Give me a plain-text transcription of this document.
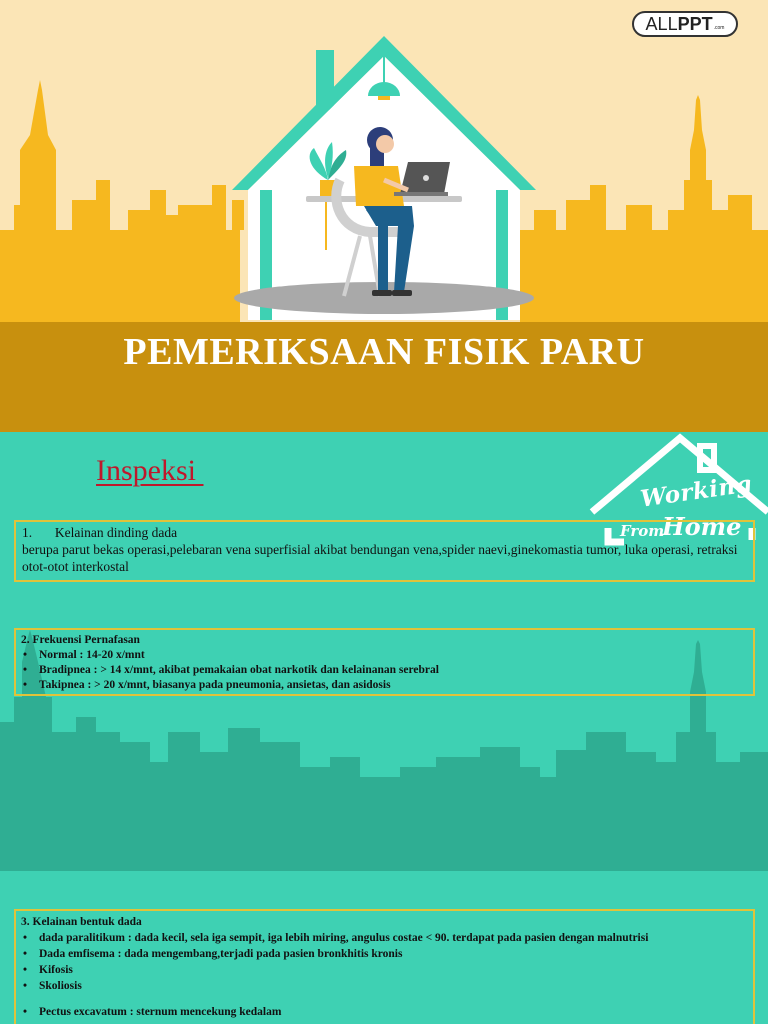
ALL PPT .com
PEMERIKSAAN FISIK PARU
Working
From
Home
Inspeksi
1. Kelainan dinding dada
berupa parut bekas operasi,pelebaran vena superfisial akibat bendungan vena,spider naevi,ginekomastia tumor, luka operasi, retraksi otot-otot interkostal
2. Frekuensi Pernafasan
• Normal : 14-20 x/mnt
• Bradipnea : > 14 x/mnt, akibat pemakaian obat narkotik dan kelainanan serebral
• Takipnea : > 20 x/mnt, biasanya pada pneumonia, ansietas, dan asidosis
3. Kelainan bentuk dada
• dada paralitikum : dada kecil, sela iga sempit, iga lebih miring, angulus costae < 90. terdapat pada pasien dengan malnutrisi
• Dada emfisema : dada mengembang,terjadi pada pasien bronkhitis kronis
• Kifosis
• Skoliosis
• Pectus excavatum : sternum mencekung kedalam
